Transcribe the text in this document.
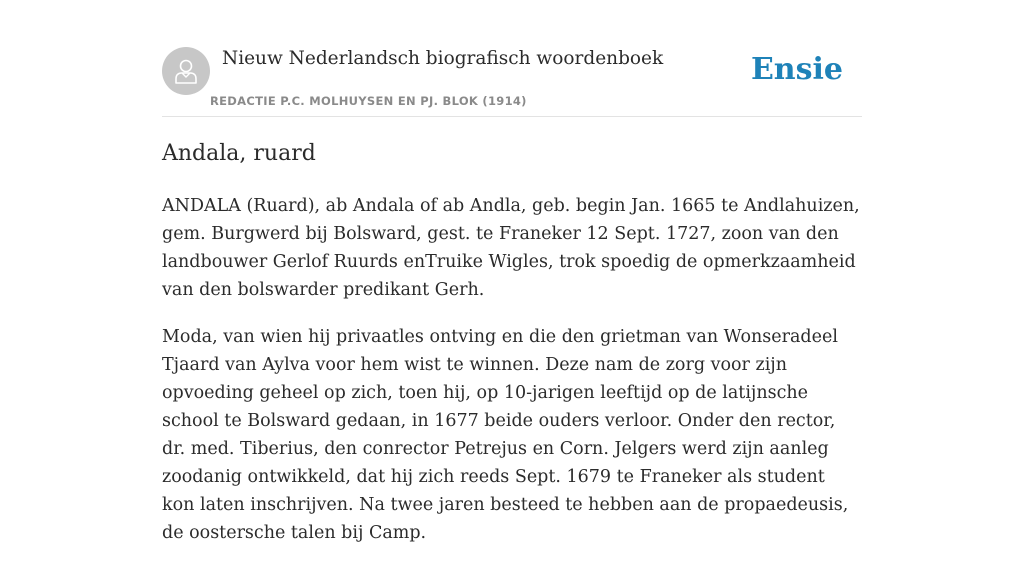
Nieuw Nederlandsch biografisch woordenboek
REDACTIE P.C. MOLHUYSEN EN PJ. BLOK (1914)
Ensie
Andala, ruard

ANDALA (Ruard), ab Andala of ab Andla, geb. begin Jan. 1665 te Andlahuizen, gem. Burgwerd bij Bolsward, gest. te Franeker 12 Sept. 1727, zoon van den landbouwer Gerlof Ruurds enTruike Wigles, trok spoedig de opmerkzaamheid van den bolswarder predikant Gerh.

Moda, van wien hij privaatles ontving en die den grietman van Wonseradeel Tjaard van Aylva voor hem wist te winnen. Deze nam de zorg voor zijn opvoeding geheel op zich, toen hij, op 10-jarigen leeftijd op de latijnsche school te Bolsward gedaan, in 1677 beide ouders verloor. Onder den rector, dr. med. Tiberius, den conrector Petrejus en Corn. Jelgers werd zijn aanleg zoodanig ontwikkeld, dat hij zich reeds Sept. 1679 te Franeker als student kon laten inschrijven. Na twee jaren besteed te hebben aan de propaedeusis, de oostersche talen bij Camp.
